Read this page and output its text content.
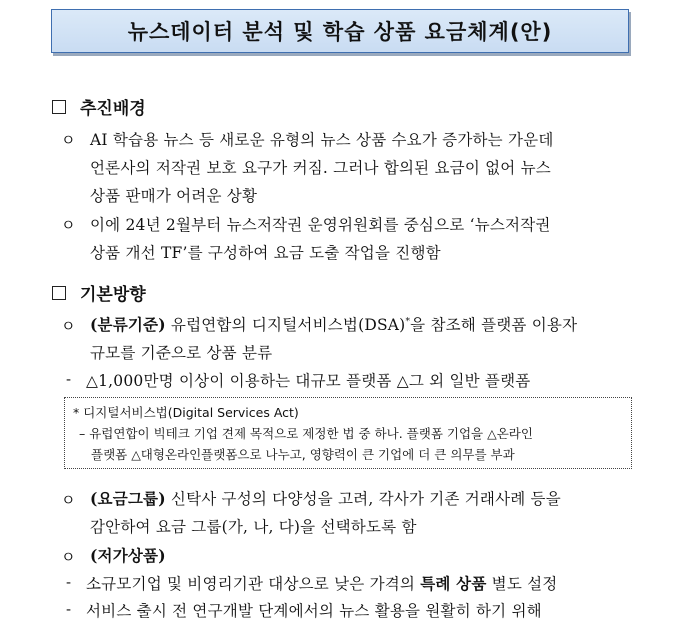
뉴스데이터 분석 및 학습 상품 요금체계(안)
추진배경
ㅇ AI 학습용 뉴스 등 새로운 유형의 뉴스 상품 수요가 증가하는 가운데
언론사의 저작권 보호 요구가 커짐. 그러나 합의된 요금이 없어 뉴스
상품 판매가 어려운 상황
ㅇ 이에 24년 2월부터 뉴스저작권 운영위원회를 중심으로 ‘뉴스저작권
상품 개선 TF’를 구성하여 요금 도출 작업을 진행함
기본방향
ㅇ (분류기준) 유럽연합의 디지털서비스법(DSA)*을 참조해 플랫폼 이용자
규모를 기준으로 상품 분류
- △1,000만명 이상이 이용하는 대규모 플랫폼 △그 외 일반 플랫폼
* 디지털서비스법(Digital Services Act)
– 유럽연합이 빅테크 기업 견제 목적으로 제정한 법 중 하나. 플랫폼 기업을 △온라인
플랫폼 △대형온라인플랫폼으로 나누고, 영향력이 큰 기업에 더 큰 의무를 부과
ㅇ (요금그룹) 신탁사 구성의 다양성을 고려, 각사가 기존 거래사례 등을
감안하여 요금 그룹(가, 나, 다)을 선택하도록 함
ㅇ (저가상품)
- 소규모기업 및 비영리기관 대상으로 낮은 가격의 특례 상품 별도 설정
- 서비스 출시 전 연구개발 단계에서의 뉴스 활용을 원활히 하기 위해
